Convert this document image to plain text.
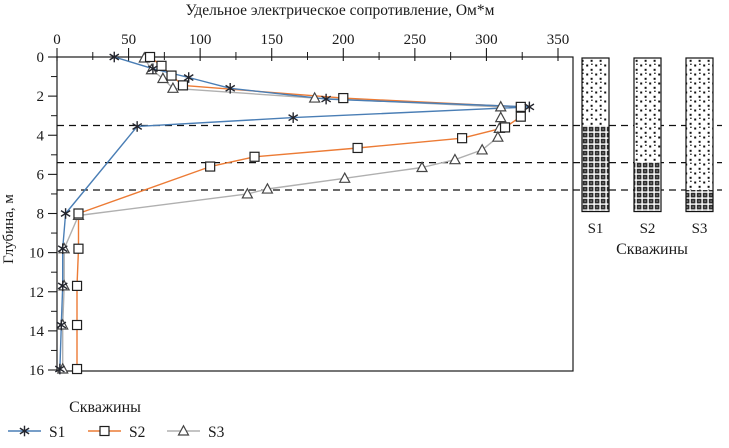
Удельное электрическое сопротивление, Ом*м
0	50	100	150	200	250	300	350
0
2
4
6
8
10
12
14
16
Глубина, м	S1 S2 S3
Скважины
Скважины
S1	S2	S3
